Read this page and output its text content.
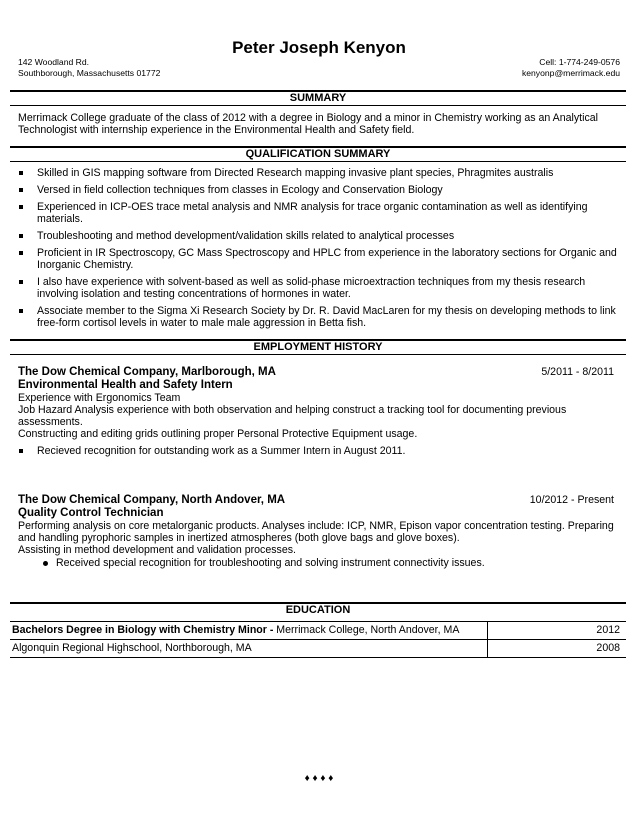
Peter Joseph Kenyon
142 Woodland Rd.
Southborough, Massachusetts 01772
Cell: 1-774-249-0576
kenyonp@merrimack.edu
SUMMARY
Merrimack College graduate of the class of 2012 with a degree in Biology and a minor in Chemistry working as an Analytical
Technologist with internship experience in the Environmental Health and Safety field.
QUALIFICATION SUMMARY
Skilled in GIS mapping software from Directed Research mapping invasive plant species, Phragmites australis
Versed in field collection techniques from classes in Ecology and Conservation Biology
Experienced in ICP-OES trace metal analysis and NMR analysis for trace organic contamination as well as identifying materials.
Troubleshooting and method development/validation skills related to analytical processes
Proficient in IR Spectroscopy, GC Mass Spectroscopy and HPLC from experience in the laboratory sections for Organic and Inorganic Chemistry.
I also have experience with solvent-based as well as solid-phase microextraction techniques from my thesis research involving isolation and testing concentrations of hormones in water.
Associate member to the Sigma Xi Research Society by Dr. R. David MacLaren for my thesis on developing methods to link free-form cortisol levels in water to male male aggression in Betta fish.
EMPLOYMENT HISTORY
The Dow Chemical Company, Marlborough, MA	5/2011 - 8/2011
Environmental Health and Safety Intern
Experience with Ergonomics Team
Job Hazard Analysis experience with both observation and helping construct a tracking tool for documenting previous assessments.
Constructing and editing grids outlining proper Personal Protective Equipment usage.
Recieved recognition for outstanding work as a Summer Intern in August 2011.
The Dow Chemical Company, North Andover, MA	10/2012 - Present
Quality Control Technician
Performing analysis on core metalorganic products. Analyses include: ICP, NMR, Epison vapor concentration testing. Preparing and handling pyrophoric samples in inertized atmospheres (both glove bags and glove boxes).
Assisting in method development and validation processes.
Received special recognition for troubleshooting and solving instrument connectivity issues.
EDUCATION
Bachelors Degree in Biology with Chemistry Minor - Merrimack College, North Andover, MA	2012
Algonquin Regional Highschool, Northborough, MA	2008
♦ ♦ ♦ ♦
